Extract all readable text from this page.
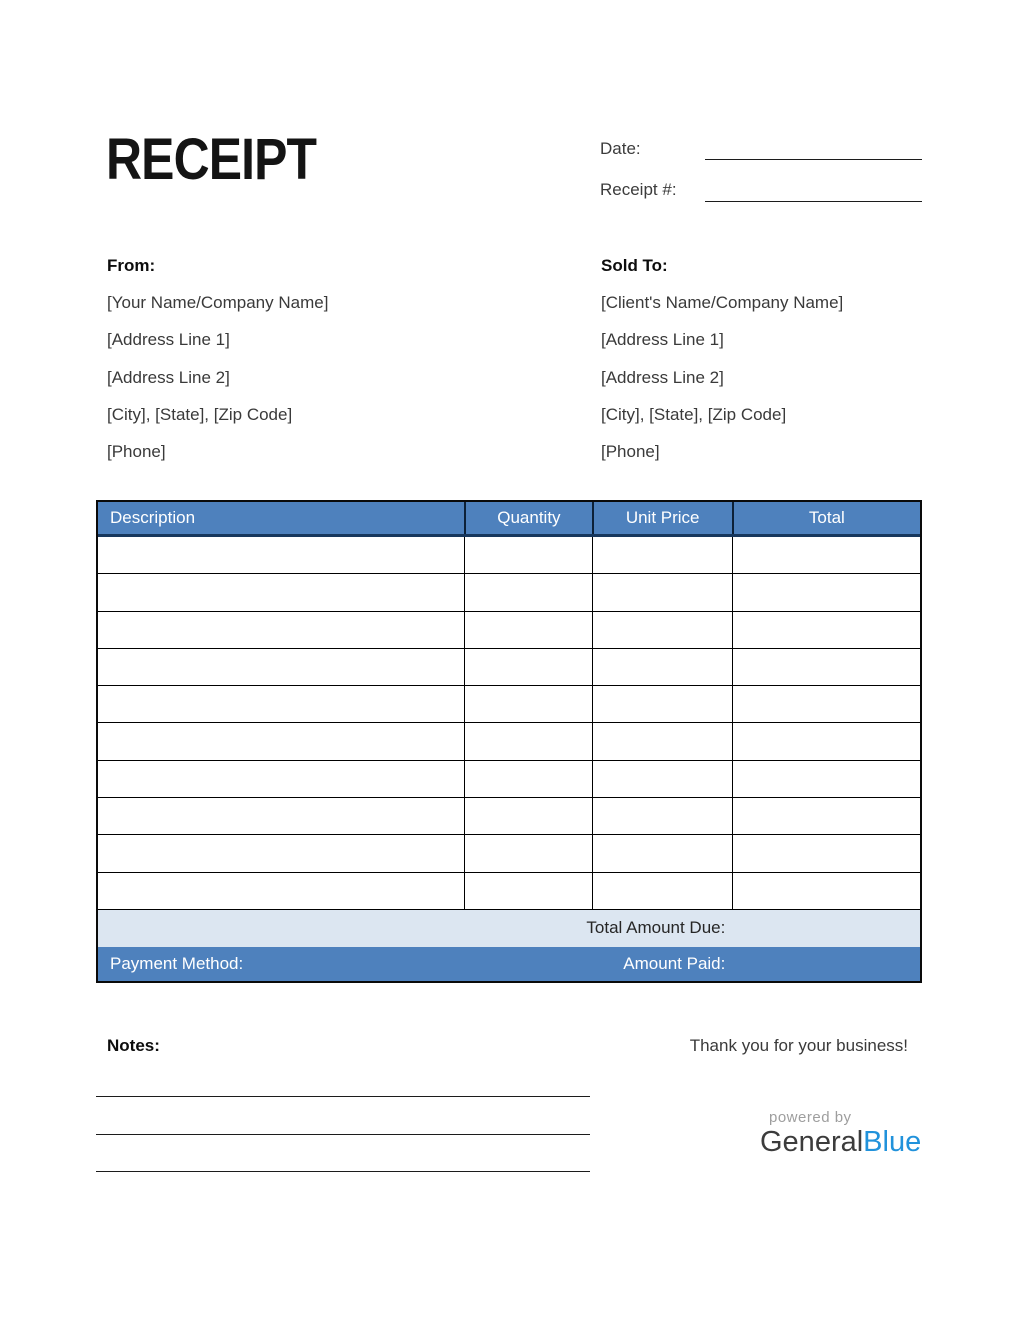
RECEIPT	Date:
Receipt #:
From:
[Your Name/Company Name]
[Address Line 1]
[Address Line 2]
[City], [State], [Zip Code]
[Phone]
Sold To:
[Client's Name/Company Name]
[Address Line 1]
[Address Line 2]
[City], [State], [Zip Code]
[Phone]
Description	Quantity	Unit Price	Total
Total Amount Due:
Payment Method:	Amount Paid:
Notes:	Thank you for your business!
powered by
GeneralBlue
